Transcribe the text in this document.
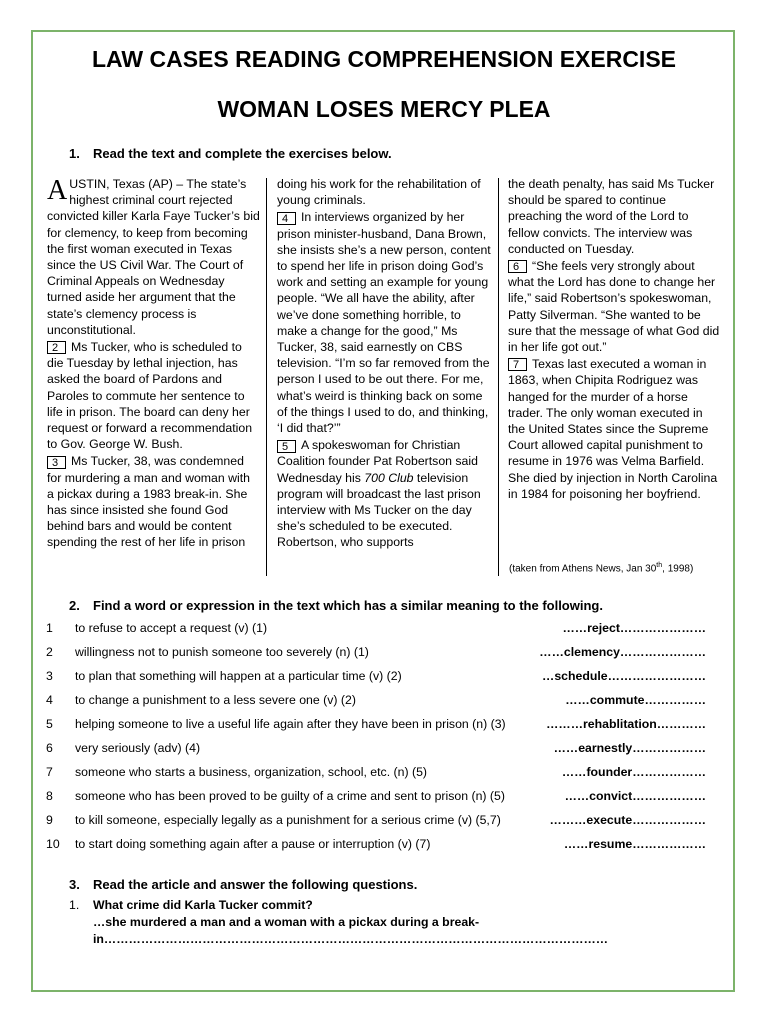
LAW CASES READING COMPREHENSION EXERCISE
WOMAN LOSES MERCY PLEA
1. Read the text and complete the exercises below.

AUSTIN, Texas (AP) – The state’s highest criminal court rejected convicted killer Karla Faye Tucker’s bid for clemency, to keep from becoming the first woman executed in Texas since the US Civil War. The Court of Criminal Appeals on Wednesday turned aside her argument that the state’s clemency process is unconstitutional.

2 Ms Tucker, who is scheduled to die Tuesday by lethal injection, has asked the board of Pardons and Paroles to commute her sentence to life in prison. The board can deny her request or forward a recommendation to Gov. George W. Bush.

3 Ms Tucker, 38, was condemned for murdering a man and woman with a pickax during a 1983 break-in. She has since insisted she found God behind bars and would be content spending the rest of her life in prison

doing his work for the rehabilitation of young criminals.

4 In interviews organized by her prison minister-husband, Dana Brown, she insists she’s a new person, content to spend her life in prison doing God’s work and setting an example for young people. “We all have the ability, after we’ve done something horrible, to make a change for the good,” Ms Tucker, 38, said earnestly on CBS television. “I’m so far removed from the person I used to be out there. For me, what’s weird is thinking back on some of the things I used to do, and thinking, ‘I did that?’”

5 A spokeswoman for Christian Coalition founder Pat Robertson said Wednesday his 700 Club television program will broadcast the last prison interview with Ms Tucker on the day she’s scheduled to be executed. Robertson, who supports

the death penalty, has said Ms Tucker should be spared to continue preaching the word of the Lord to fellow convicts. The interview was conducted on Tuesday.

6 “She feels very strongly about what the Lord has done to change her life,” said Robertson’s spokeswoman, Patty Silverman. “She wanted to be sure that the message of what God did in her life got out.”

7 Texas last executed a woman in 1863, when Chipita Rodriguez was hanged for the murder of a horse trader. The only woman executed in the United States since the Supreme Court allowed capital punishment to resume in 1976 was Velma Barfield. She died by injection in North Carolina in 1984 for poisoning her boyfriend.

(taken from Athens News, Jan 30th, 1998)
2. Find a word or expression in the text which has a similar meaning to the following.
1 to refuse to accept a request (v) (1)	……reject…………………
2 willingness not to punish someone too severely (n) (1)	……clemency…………………
3 to plan that something will happen at a particular time (v) (2)	…schedule……………………
4 to change a punishment to a less severe one (v) (2)	……commute……………
5 helping someone to live a useful life again after they have been in prison (n) (3)	………rehablitation…………
6 very seriously (adv) (4)	……earnestly………………
7 someone who starts a business, organization, school, etc. (n) (5)	……founder………………
8 someone who has been proved to be guilty of a crime and sent to prison (n) (5)	……convict………………
9 to kill someone, especially legally as a punishment for a serious crime (v) (5,7)	………execute………………
10 to start doing something again after a pause or interruption (v) (7)	……resume………………
3. Read the article and answer the following questions.
1. What crime did Karla Tucker commit?
…she murdered a man and a woman with a pickax during a break-
in……………………………………………………………………………………………………………
